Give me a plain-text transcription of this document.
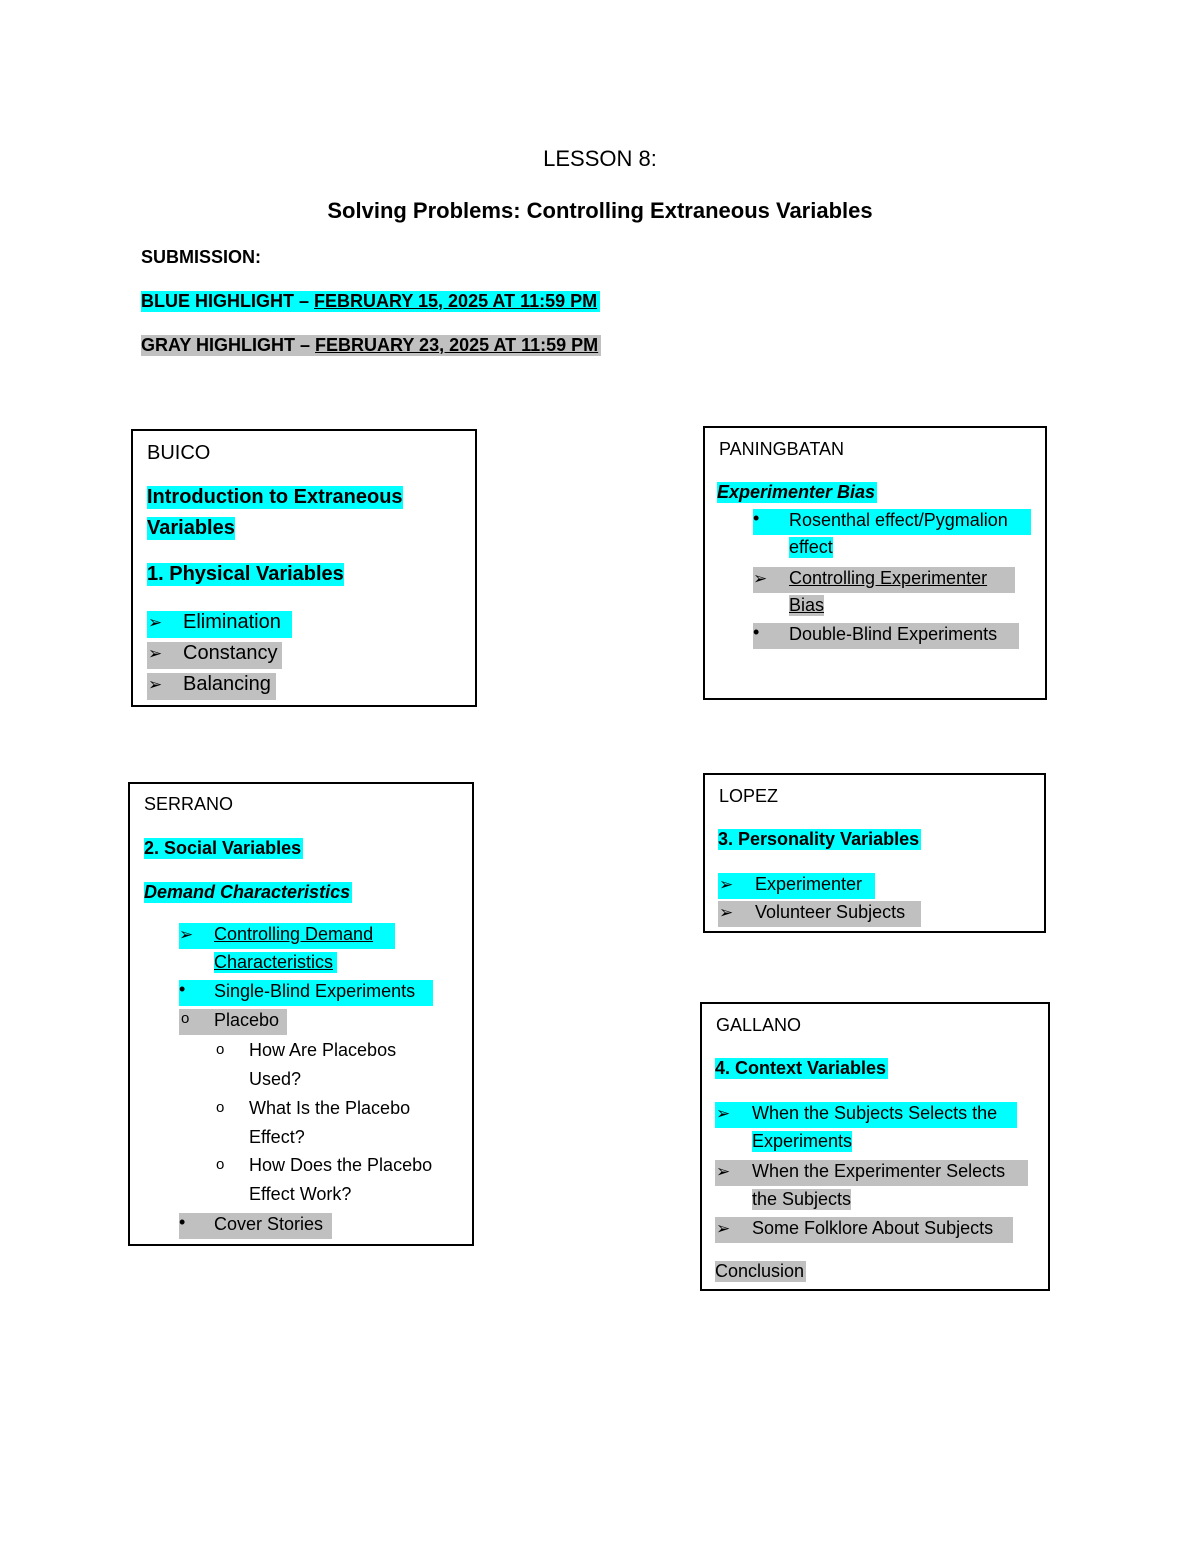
LESSON 8:
Solving Problems: Controlling Extraneous Variables
SUBMISSION:
BLUE HIGHLIGHT – FEBRUARY 15, 2025 AT 11:59 PM
GRAY HIGHLIGHT – FEBRUARY 23, 2025 AT 11:59 PM
BUICO
Introduction to Extraneous
Variables
1. Physical Variables
➢ Elimination
➢ Constancy
➢ Balancing
PANINGBATAN
Experimenter Bias
• Rosenthal effect/Pygmalion
effect
➢ Controlling Experimenter
Bias
• Double-Blind Experiments
SERRANO
2. Social Variables
Demand Characteristics
➢ Controlling Demand
Characteristics
• Single-Blind Experiments
o Placebo
o How Are Placebos
Used?
o What Is the Placebo
Effect?
o How Does the Placebo
Effect Work?
• Cover Stories
LOPEZ
3. Personality Variables
➢ Experimenter
➢ Volunteer Subjects
GALLANO
4. Context Variables
➢ When the Subjects Selects the
Experiments
➢ When the Experimenter Selects
the Subjects
➢ Some Folklore About Subjects
Conclusion
